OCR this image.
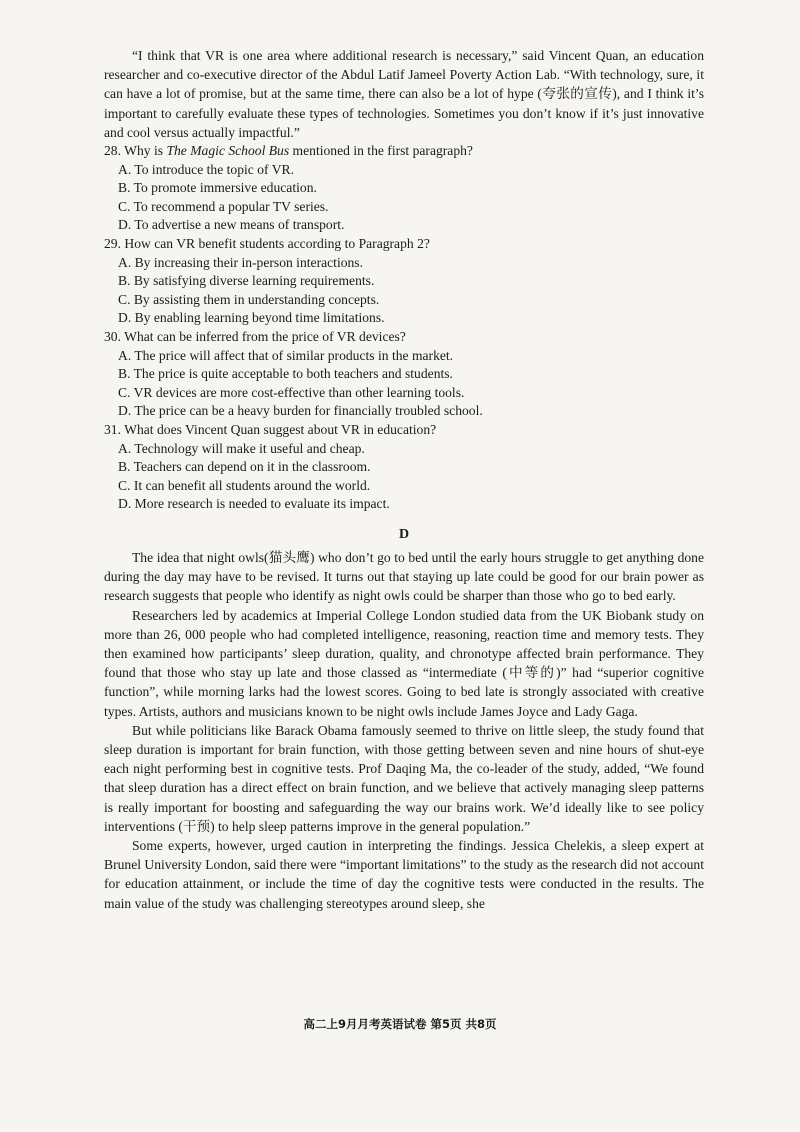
“I think that VR is one area where additional research is necessary,” said Vincent Quan, an education researcher and co-executive director of the Abdul Latif Jameel Poverty Action Lab. “With technology, sure, it can have a lot of promise, but at the same time, there can also be a lot of hype (夸张的宣传), and I think it’s important to carefully evaluate these types of technologies. Sometimes you don’t know if it’s just innovative and cool versus actually impactful.”

28. Why is The Magic School Bus mentioned in the first paragraph?
A. To introduce the topic of VR.
B. To promote immersive education.
C. To recommend a popular TV series.
D. To advertise a new means of transport.
29. How can VR benefit students according to Paragraph 2?
A. By increasing their in-person interactions.
B. By satisfying diverse learning requirements.
C. By assisting them in understanding concepts.
D. By enabling learning beyond time limitations.
30. What can be inferred from the price of VR devices?
A. The price will affect that of similar products in the market.
B. The price is quite acceptable to both teachers and students.
C. VR devices are more cost-effective than other learning tools.
D. The price can be a heavy burden for financially troubled school.
31. What does Vincent Quan suggest about VR in education?
A. Technology will make it useful and cheap.
B. Teachers can depend on it in the classroom.
C. It can benefit all students around the world.
D. More research is needed to evaluate its impact.
D

The idea that night owls(猫头鹰) who don’t go to bed until the early hours struggle to get anything done during the day may have to be revised. It turns out that staying up late could be good for our brain power as research suggests that people who identify as night owls could be sharper than those who go to bed early.

Researchers led by academics at Imperial College London studied data from the UK Biobank study on more than 26, 000 people who had completed intelligence, reasoning, reaction time and memory tests. They then examined how participants’ sleep duration, quality, and chronotype affected brain performance. They found that those who stay up late and those classed as “intermediate (中等的)” had “superior cognitive function”, while morning larks had the lowest scores. Going to bed late is strongly associated with creative types. Artists, authors and musicians known to be night owls include James Joyce and Lady Gaga.

But while politicians like Barack Obama famously seemed to thrive on little sleep, the study found that sleep duration is important for brain function, with those getting between seven and nine hours of shut-eye each night performing best in cognitive tests. Prof Daqing Ma, the co-leader of the study, added, “We found that sleep duration has a direct effect on brain function, and we believe that actively managing sleep patterns is really important for boosting and safeguarding the way our brains work. We’d ideally like to see policy interventions (干预) to help sleep patterns improve in the general population.”

Some experts, however, urged caution in interpreting the findings. Jessica Chelekis, a sleep expert at Brunel University London, said there were “important limitations” to the study as the research did not account for education attainment, or include the time of day the cognitive tests were conducted in the results. The main value of the study was challenging stereotypes around sleep, she

高二上9月月考英语试卷 第5页 共8页
